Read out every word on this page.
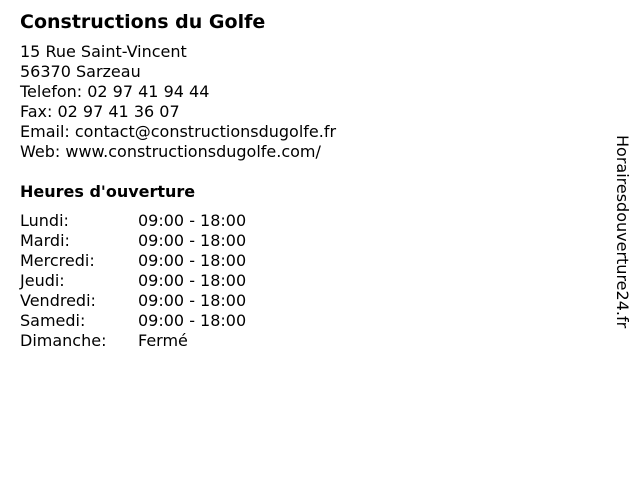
Constructions du Golfe
15 Rue Saint-Vincent
56370 Sarzeau
Telefon: 02 97 41 94 44
Fax: 02 97 41 36 07
Email: contact@constructionsdugolfe.fr
Web: www.constructionsdugolfe.com/
Heures d'ouverture
Lundi:	09:00 - 18:00
Mardi:	09:00 - 18:00
Mercredi:	09:00 - 18:00
Jeudi:	09:00 - 18:00
Vendredi:	09:00 - 18:00
Samedi:	09:00 - 18:00
Dimanche:	Fermé
Horairesdouverture24.fr
